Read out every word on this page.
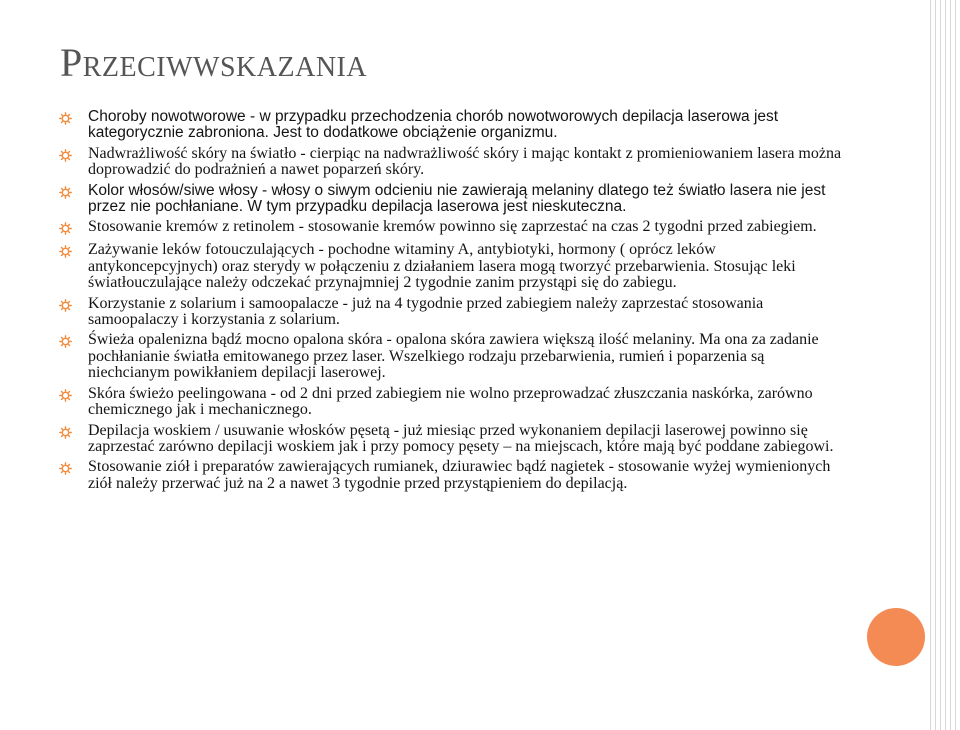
Przeciwwskazania
Choroby nowotworowe - w przypadku przechodzenia chorób nowotworowych depilacja laserowa jest kategorycznie zabroniona. Jest to dodatkowe obciążenie organizmu.
Nadwrażliwość skóry na światło - cierpiąc na nadwrażliwość skóry i mając kontakt z promieniowaniem lasera można doprowadzić do podrażnień a nawet poparzeń skóry.
Kolor włosów/siwe włosy - włosy o siwym odcieniu nie zawierają melaniny dlatego też światło lasera nie jest przez nie pochłaniane. W tym przypadku depilacja laserowa jest nieskuteczna.
Stosowanie kremów z retinolem - stosowanie kremów powinno się zaprzestać na czas 2 tygodni przed zabiegiem.
Zażywanie leków fotouczulających - pochodne witaminy A, antybiotyki, hormony ( oprócz leków antykoncepcyjnych) oraz sterydy w połączeniu z działaniem lasera mogą tworzyć przebarwienia. Stosując leki światłouczulające należy odczekać przynajmniej 2 tygodnie zanim przystąpi się do zabiegu.
Korzystanie z solarium i samoopalacze - już na 4 tygodnie przed zabiegiem należy zaprzestać stosowania samoopalaczy i korzystania z solarium.
Świeża opalenizna bądź mocno opalona skóra - opalona skóra zawiera większą ilość melaniny. Ma ona za zadanie pochłanianie światła emitowanego przez laser. Wszelkiego rodzaju przebarwienia, rumień i poparzenia są niechcianym powikłaniem depilacji laserowej.
Skóra świeżo peelingowana - od 2 dni przed zabiegiem nie wolno przeprowadzać złuszczania naskórka, zarówno chemicznego jak i mechanicznego.
Depilacja woskiem / usuwanie włosków pęsetą - już miesiąc przed wykonaniem depilacji laserowej powinno się zaprzestać zarówno depilacji woskiem jak i przy pomocy pęsety – na miejscach, które mają być poddane zabiegowi.
Stosowanie ziół i preparatów zawierających rumianek, dziurawiec bądź nagietek - stosowanie wyżej wymienionych ziół należy przerwać już na 2 a nawet 3 tygodnie przed przystąpieniem do depilacją.
